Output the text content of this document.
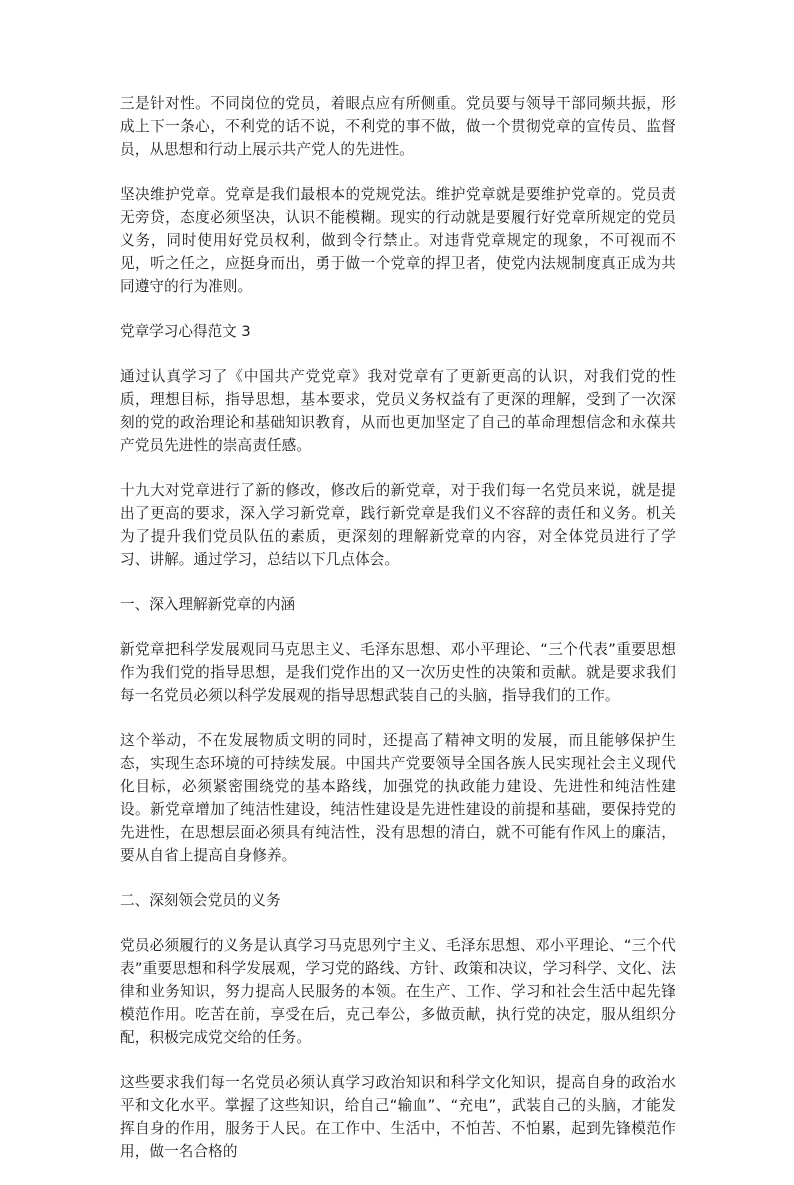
三是针对性。不同岗位的党员，着眼点应有所侧重。党员要与领导干部同频共振，形成上下一条心，不利党的话不说，不利党的事不做，做一个贯彻党章的宣传员、监督员，从思想和行动上展示共产党人的先进性。

坚决维护党章。党章是我们最根本的党规党法。维护党章就是要维护党章的。党员责无旁贷，态度必须坚决，认识不能模糊。现实的行动就是要履行好党章所规定的党员义务，同时使用好党员权利，做到令行禁止。对违背党章规定的现象，不可视而不见，听之任之，应挺身而出，勇于做一个党章的捍卫者，使党内法规制度真正成为共同遵守的行为准则。

党章学习心得范文 3

通过认真学习了《中国共产党党章》我对党章有了更新更高的认识，对我们党的性质，理想目标，指导思想，基本要求，党员义务权益有了更深的理解，受到了一次深刻的党的政治理论和基础知识教育，从而也更加坚定了自己的革命理想信念和永葆共产党员先进性的崇高责任感。

十九大对党章进行了新的修改，修改后的新党章，对于我们每一名党员来说，就是提出了更高的要求，深入学习新党章，践行新党章是我们义不容辞的责任和义务。机关为了提升我们党员队伍的素质，更深刻的理解新党章的内容，对全体党员进行了学习、讲解。通过学习，总结以下几点体会。

一、深入理解新党章的内涵

新党章把科学发展观同马克思主义、毛泽东思想、邓小平理论、“三个代表”重要思想作为我们党的指导思想，是我们党作出的又一次历史性的决策和贡献。就是要求我们每一名党员必须以科学发展观的指导思想武装自己的头脑，指导我们的工作。

这个举动，不在发展物质文明的同时，还提高了精神文明的发展，而且能够保护生态，实现生态环境的可持续发展。中国共产党要领导全国各族人民实现社会主义现代化目标，必须紧密围绕党的基本路线，加强党的执政能力建设、先进性和纯洁性建设。新党章增加了纯洁性建设，纯洁性建设是先进性建设的前提和基础，要保持党的先进性，在思想层面必须具有纯洁性，没有思想的清白，就不可能有作风上的廉洁，要从自省上提高自身修养。

二、深刻领会党员的义务

党员必须履行的义务是认真学习马克思列宁主义、毛泽东思想、邓小平理论、“三个代表”重要思想和科学发展观，学习党的路线、方针、政策和决议，学习科学、文化、法律和业务知识，努力提高人民服务的本领。在生产、工作、学习和社会生活中起先锋模范作用。吃苦在前，享受在后，克己奉公，多做贡献，执行党的决定，服从组织分配，积极完成党交给的任务。

这些要求我们每一名党员必须认真学习政治知识和科学文化知识，提高自身的政治水平和文化水平。掌握了这些知识，给自己“输血”、“充电”，武装自己的头脑，才能发挥自身的作用，服务于人民。在工作中、生活中，不怕苦、不怕累，起到先锋模范作用，做一名合格的
